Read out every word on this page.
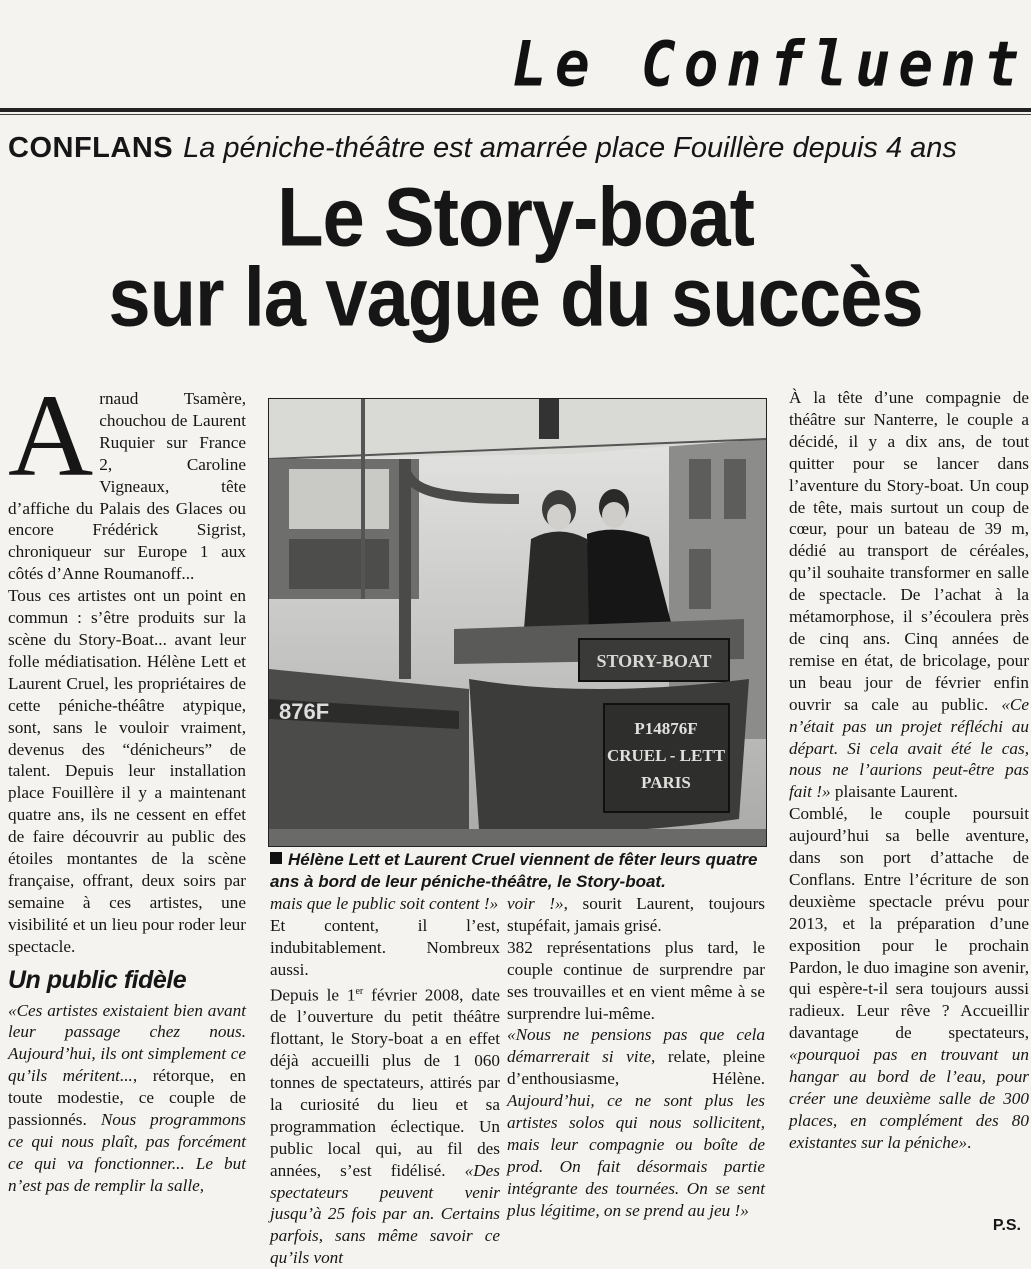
Le Confluent
CONFLANS La péniche-théâtre est amarrée place Fouillère depuis 4 ans
Le Story-boat
sur la vague du succès
STORY-BOAT
876F
P14876F
CRUEL - LETT
PARIS
Hélène Lett et Laurent Cruel viennent de fêter leurs quatre ans à bord de leur péniche-théâtre, le Story-boat.

Arnaud Tsamère, chouchou de Laurent Ruquier sur France 2, Caroline Vigneaux, tête d’affiche du Palais des Glaces ou encore Frédérick Sigrist, chroniqueur sur Europe 1 aux côtés d’Anne Roumanoff...

Tous ces artistes ont un point en commun : s’être produits sur la scène du Story-Boat... avant leur folle médiatisation. Hélène Lett et Laurent Cruel, les propriétaires de cette péniche-théâtre atypique, sont, sans le vouloir vraiment, devenus des “dénicheurs” de talent. Depuis leur installation place Fouillère il y a maintenant quatre ans, ils ne cessent en effet de faire découvrir au public des étoiles montantes de la scène française, offrant, deux soirs par semaine à ces artistes, une visibilité et un lieu pour roder leur spectacle.

Un public fidèle

«Ces artistes existaient bien avant leur passage chez nous. Aujourd’hui, ils ont simplement ce qu’ils méritent..., rétorque, en toute modestie, ce couple de passionnés. Nous programmons ce qui nous plaît, pas forcément ce qui va fonctionner... Le but n’est pas de remplir la salle,

mais que le public soit content !»

Et content, il l’est, indubitablement. Nombreux aussi.

Depuis le 1er février 2008, date de l’ouverture du petit théâtre flottant, le Story-boat a en effet déjà accueilli plus de 1 060 tonnes de spectateurs, attirés par la curiosité du lieu et sa programmation éclectique. Un public local qui, au fil des années, s’est fidélisé. «Des spectateurs peuvent venir jusqu’à 25 fois par an. Certains parfois, sans même savoir ce qu’ils vont

voir !», sourit Laurent, toujours stupéfait, jamais grisé.

382 représentations plus tard, le couple continue de surprendre par ses trouvailles et en vient même à se surprendre lui-même.

«Nous ne pensions pas que cela démarrerait si vite, relate, pleine d’enthousiasme, Hélène. Aujourd’hui, ce ne sont plus les artistes solos qui nous sollicitent, mais leur compagnie ou boîte de prod. On fait désormais partie intégrante des tournées. On se sent plus légitime, on se prend au jeu !»

À la tête d’une compagnie de théâtre sur Nanterre, le couple a décidé, il y a dix ans, de tout quitter pour se lancer dans l’aventure du Story-boat. Un coup de tête, mais surtout un coup de cœur, pour un bateau de 39 m, dédié au transport de céréales, qu’il souhaite transformer en salle de spectacle. De l’achat à la métamorphose, il s’écoulera près de cinq ans. Cinq années de remise en état, de bricolage, pour un beau jour de février enfin ouvrir sa cale au public. «Ce n’était pas un projet réfléchi au départ. Si cela avait été le cas, nous ne l’aurions peut-être pas fait !» plaisante Laurent.

Comblé, le couple poursuit aujourd’hui sa belle aventure, dans son port d’attache de Conflans. Entre l’écriture de son deuxième spectacle prévu pour 2013, et la préparation d’une exposition pour le prochain Pardon, le duo imagine son avenir, qui espère-t-il sera toujours aussi radieux. Leur rêve ? Accueillir davantage de spectateurs, «pourquoi pas en trouvant un hangar au bord de l’eau, pour créer une deuxième salle de 300 places, en complément des 80 existantes sur la péniche».

P.S.
